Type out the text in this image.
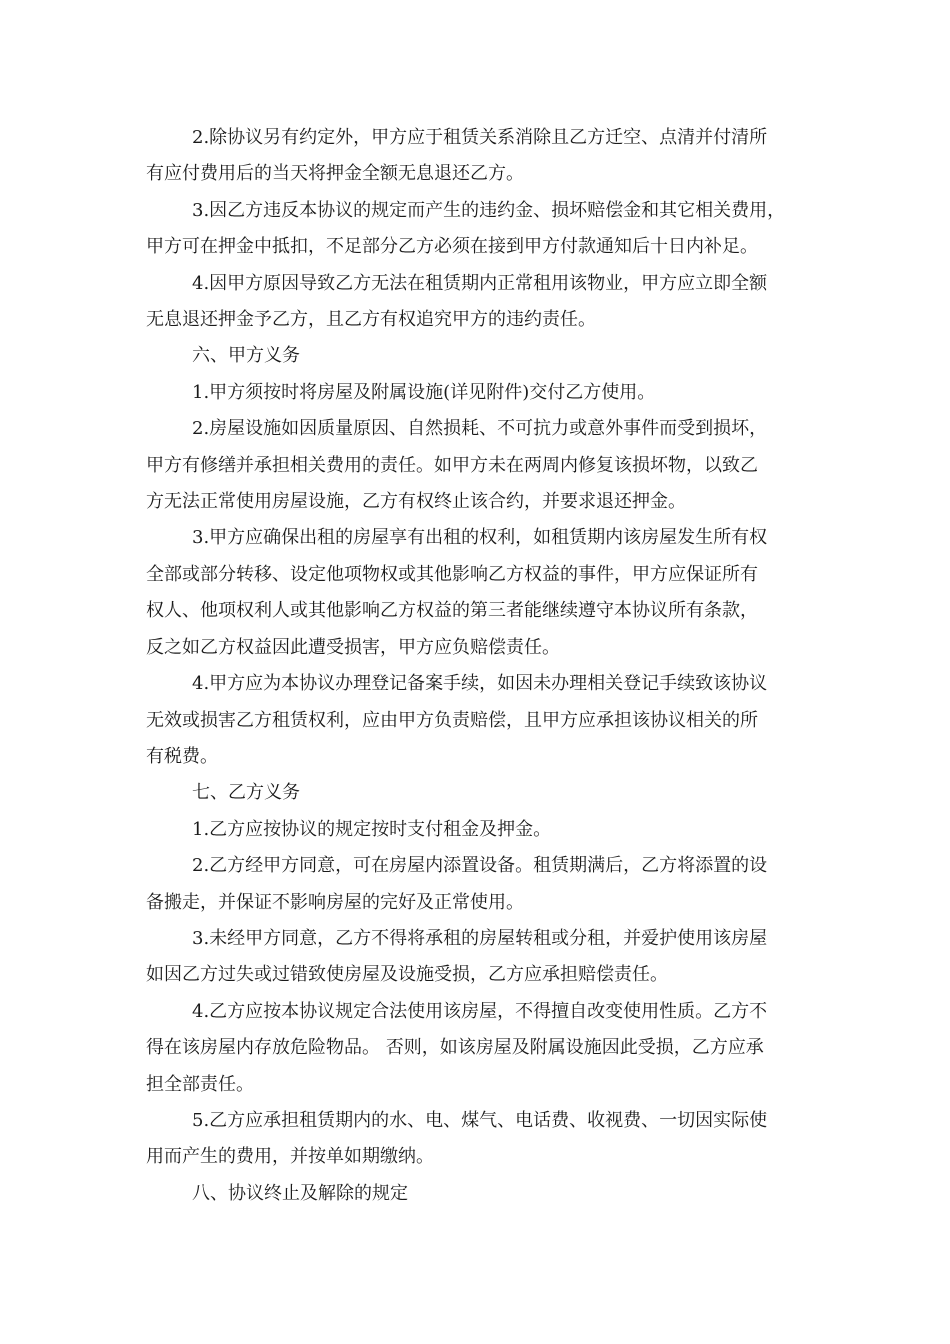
2.除协议另有约定外，甲方应于租赁关系消除且乙方迁空、点清并付清所
有应付费用后的当天将押金全额无息退还乙方。
3.因乙方违反本协议的规定而产生的违约金、损坏赔偿金和其它相关费用，
甲方可在押金中抵扣，不足部分乙方必须在接到甲方付款通知后十日内补足。
4.因甲方原因导致乙方无法在租赁期内正常租用该物业，甲方应立即全额
无息退还押金予乙方，且乙方有权追究甲方的违约责任。
六、甲方义务
1.甲方须按时将房屋及附属设施(详见附件)交付乙方使用。
2.房屋设施如因质量原因、自然损耗、不可抗力或意外事件而受到损坏，
甲方有修缮并承担相关费用的责任。如甲方未在两周内修复该损坏物，以致乙
方无法正常使用房屋设施，乙方有权终止该合约，并要求退还押金。
3.甲方应确保出租的房屋享有出租的权利，如租赁期内该房屋发生所有权
全部或部分转移、设定他项物权或其他影响乙方权益的事件，甲方应保证所有
权人、他项权利人或其他影响乙方权益的第三者能继续遵守本协议所有条款，
反之如乙方权益因此遭受损害，甲方应负赔偿责任。
4.甲方应为本协议办理登记备案手续，如因未办理相关登记手续致该协议
无效或损害乙方租赁权利，应由甲方负责赔偿，且甲方应承担该协议相关的所
有税费。
七、乙方义务
1.乙方应按协议的规定按时支付租金及押金。
2.乙方经甲方同意，可在房屋内添置设备。租赁期满后，乙方将添置的设
备搬走，并保证不影响房屋的完好及正常使用。
3.未经甲方同意，乙方不得将承租的房屋转租或分租，并爱护使用该房屋
如因乙方过失或过错致使房屋及设施受损，乙方应承担赔偿责任。
4.乙方应按本协议规定合法使用该房屋，不得擅自改变使用性质。乙方不
得在该房屋内存放危险物品。 否则，如该房屋及附属设施因此受损，乙方应承
担全部责任。
5.乙方应承担租赁期内的水、电、煤气、电话费、收视费、一切因实际使
用而产生的费用，并按单如期缴纳。
八、协议终止及解除的规定
